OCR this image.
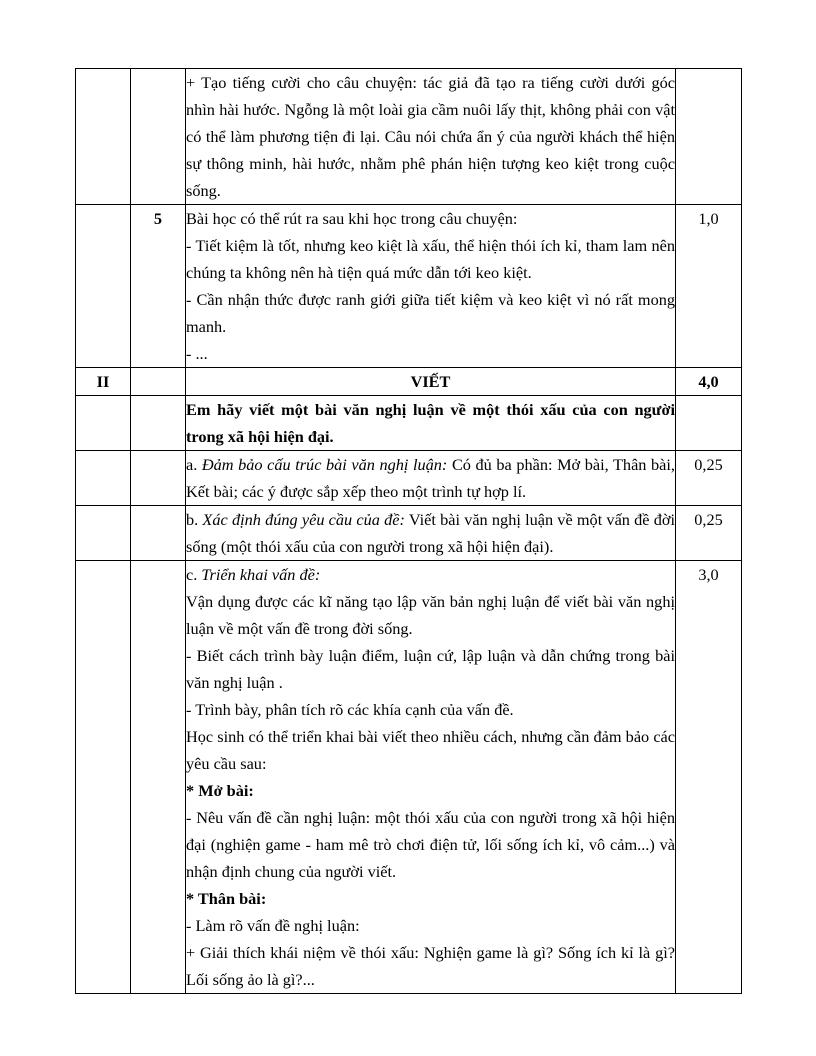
		+ Tạo tiếng cười cho câu chuyện: tác giả đã tạo ra tiếng cười dưới góc nhìn hài hước. Ngỗng là một loài gia cầm nuôi lấy thịt, không phải con vật có thể làm phương tiện đi lại. Câu nói chứa ẩn ý của người khách thể hiện sự thông minh, hài hước, nhằm phê phán hiện tượng keo kiệt trong cuộc sống.	

	5	Bài học có thể rút ra sau khi học trong câu chuyện:

- Tiết kiệm là tốt, nhưng keo kiệt là xấu, thể hiện thói ích kỉ, tham lam nên chúng ta không nên hà tiện quá mức dẫn tới keo kiệt.

- Cần nhận thức được ranh giới giữa tiết kiệm và keo kiệt vì nó rất mong manh.

- ...	1,0
II		VIẾT	4,0

		Em hãy viết một bài văn nghị luận về một thói xấu của con người trong xã hội hiện đại.	

		a. Đảm bảo cấu trúc bài văn nghị luận: Có đủ ba phần: Mở bài, Thân bài, Kết bài; các ý được sắp xếp theo một trình tự hợp lí.	0,25

		b. Xác định đúng yêu cầu của đề: Viết bài văn nghị luận về một vấn đề đời sống (một thói xấu của con người trong xã hội hiện đại).	0,25

c. Triển khai vấn đề:

Vận dụng được các kĩ năng tạo lập văn bản nghị luận để viết bài văn nghị luận về một vấn đề trong đời sống.

- Biết cách trình bày luận điểm, luận cứ, lập luận và dẫn chứng trong bài văn nghị luận .

- Trình bày, phân tích rõ các khía cạnh của vấn đề.

Học sinh có thể triển khai bài viết theo nhiều cách, nhưng cần đảm bảo các yêu cầu sau:

* Mở bài:

- Nêu vấn đề cần nghị luận: một thói xấu của con người trong xã hội hiện đại (nghiện game - ham mê trò chơi điện tử, lối sống ích kỉ, vô cảm...) và nhận định chung của người viết.

* Thân bài:

- Làm rõ vấn đề nghị luận:

+ Giải thích khái niệm về thói xấu: Nghiện game là gì? Sống ích kỉ là gì? Lối sống ảo là gì?...

	3,0
